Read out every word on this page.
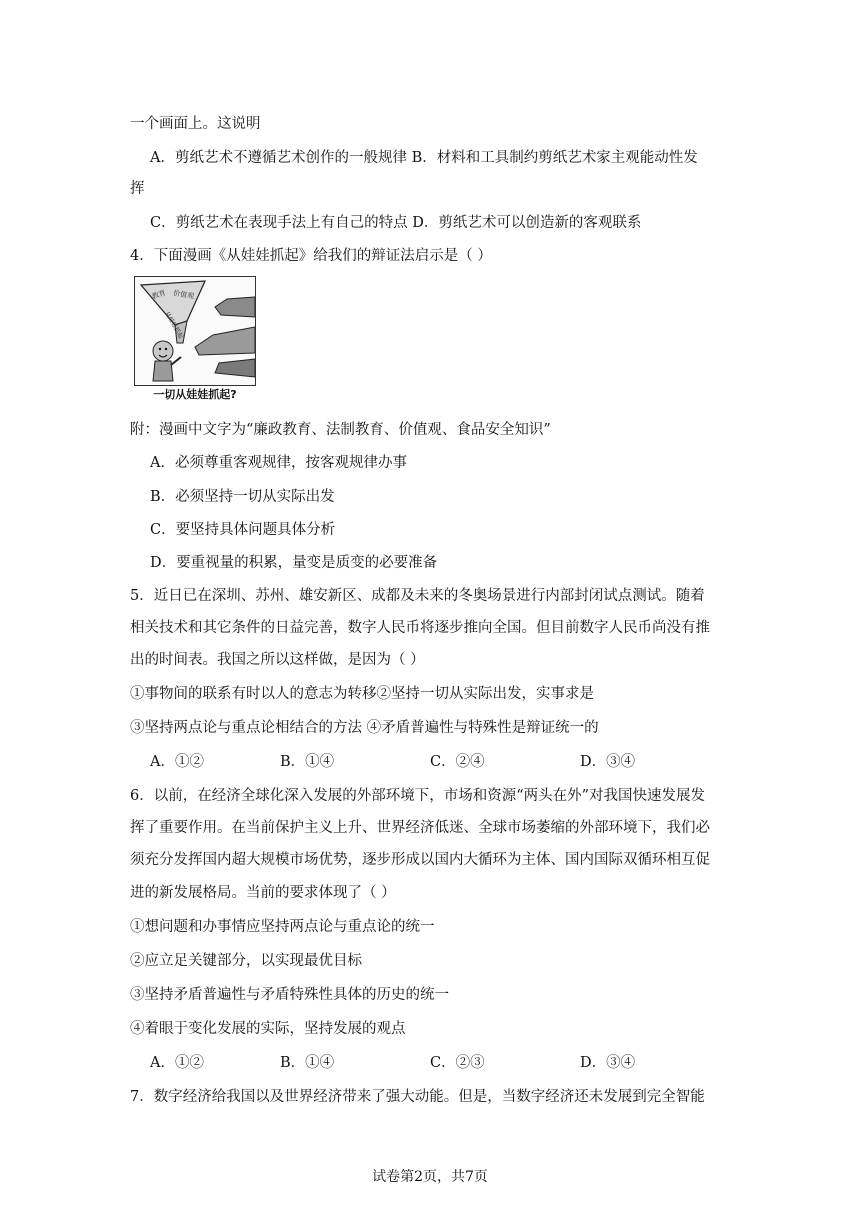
一个画面上。这说明
A．剪纸艺术不遵循艺术创作的一般规律 B．材料和工具制约剪纸艺术家主观能动性发
挥
C．剪纸艺术在表现手法上有自己的特点 D．剪纸艺术可以创造新的客观联系
4．下面漫画《从娃娃抓起》给我们的辩证法启示是（ ）
教育 价值观
从娃娃抓起
一切从娃娃抓起?
附：漫画中文字为“廉政教育、法制教育、价值观、食品安全知识”
A．必须尊重客观规律，按客观规律办事
B．必须坚持一切从实际出发
C．要坚持具体问题具体分析
D．要重视量的积累，量变是质变的必要准备
5．近日已在深圳、苏州、雄安新区、成都及未来的冬奥场景进行内部封闭试点测试。随着
相关技术和其它条件的日益完善，数字人民币将逐步推向全国。但目前数字人民币尚没有推
出的时间表。我国之所以这样做，是因为（ ）
①事物间的联系有时以人的意志为转移②坚持一切从实际出发，实事求是
③坚持两点论与重点论相结合的方法 ④矛盾普遍性与特殊性是辩证统一的
A．①②	B．①④	C．②④	D．③④
6．以前，在经济全球化深入发展的外部环境下，市场和资源“两头在外”对我国快速发展发
挥了重要作用。在当前保护主义上升、世界经济低迷、全球市场萎缩的外部环境下，我们必
须充分发挥国内超大规模市场优势，逐步形成以国内大循环为主体、国内国际双循环相互促
进的新发展格局。当前的要求体现了（ ）
①想问题和办事情应坚持两点论与重点论的统一
②应立足关键部分，以实现最优目标
③坚持矛盾普遍性与矛盾特殊性具体的历史的统一
④着眼于变化发展的实际，坚持发展的观点
A．①②	B．①④	C．②③	D．③④
7．数字经济给我国以及世界经济带来了强大动能。但是，当数字经济还未发展到完全智能
试卷第2页，共7页
